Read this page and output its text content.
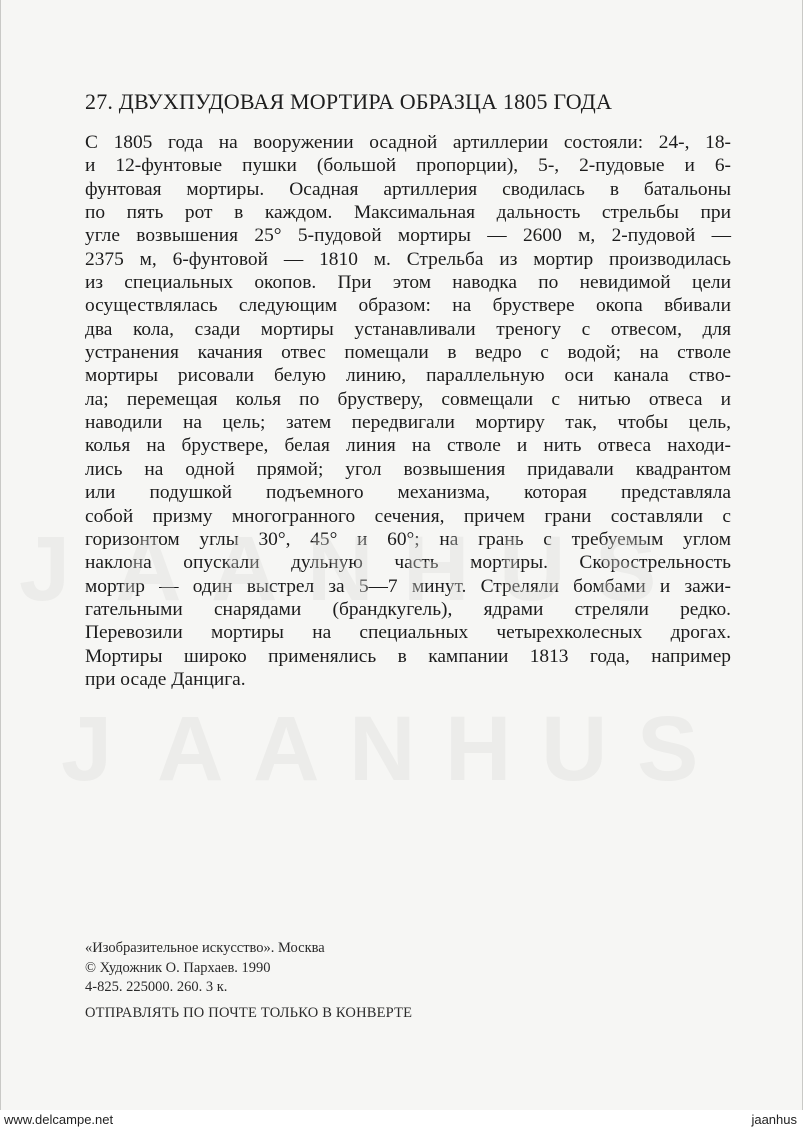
27. ДВУХПУДОВАЯ МОРТИРА ОБРАЗЦА 1805 ГОДА
С 1805 года на вооружении осадной артиллерии состояли: 24-, 18-
и 12-фунтовые пушки (большой пропорции), 5-, 2-пудовые и 6-
фунтовая мортиры. Осадная артиллерия сводилась в батальоны
по пять рот в каждом. Максимальная дальность стрельбы при
угле возвышения 25° 5-пудовой мортиры — 2600 м, 2-пудовой —
2375 м, 6-фунтовой — 1810 м. Стрельба из мортир производилась
из специальных окопов. При этом наводка по невидимой цели
осуществлялась следующим образом: на бруствере окопа вбивали
два кола, сзади мортиры устанавливали треногу с отвесом, для
устранения качания отвес помещали в ведро с водой; на стволе
мортиры рисовали белую линию, параллельную оси канала ство-
ла; перемещая колья по брустверу, совмещали с нитью отвеса и
наводили на цель; затем передвигали мортиру так, чтобы цель,
колья на бруствере, белая линия на стволе и нить отвеса находи-
лись на одной прямой; угол возвышения придавали квадрантом
или подушкой подъемного механизма, которая представляла
собой призму многогранного сечения, причем грани составляли с
горизонтом углы 30°, 45° и 60°; на грань с требуемым углом
наклона опускали дульную часть мортиры. Скорострельность
мортир — один выстрел за 5—7 минут. Стреляли бомбами и зажи-
гательными снарядами (брандкугель), ядрами стреляли редко.
Перевозили мортиры на специальных четырехколесных дрогах.
Мортиры широко применялись в кампании 1813 года, например
при осаде Данцига.
«Изобразительное искусство». Москва
© Художник О. Пархаев. 1990
4-825. 225000. 260. 3 к.
ОТПРАВЛЯТЬ ПО ПОЧТЕ ТОЛЬКО В КОНВЕРТЕ
J A A N H U S
J A A N H U S
www.delcampe.net	jaanhus
